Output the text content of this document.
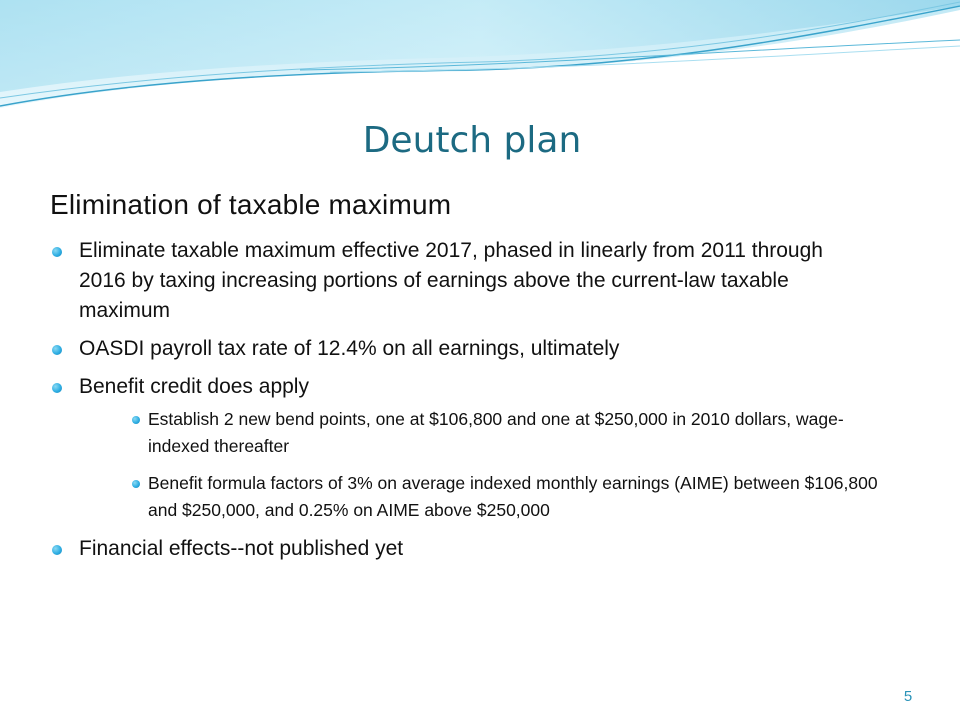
Deutch plan
Elimination of taxable maximum
Eliminate taxable maximum effective 2017, phased in linearly from 2011 through 2016 by taxing increasing portions of earnings above the current-law taxable maximum
OASDI payroll tax rate of 12.4% on all earnings, ultimately
Benefit credit does apply
Establish 2 new bend points, one at $106,800 and one at $250,000 in 2010 dollars, wage-indexed thereafter
Benefit formula factors of 3% on average indexed monthly earnings (AIME) between $106,800 and $250,000, and 0.25% on AIME above $250,000
Financial effects--not published yet
5
